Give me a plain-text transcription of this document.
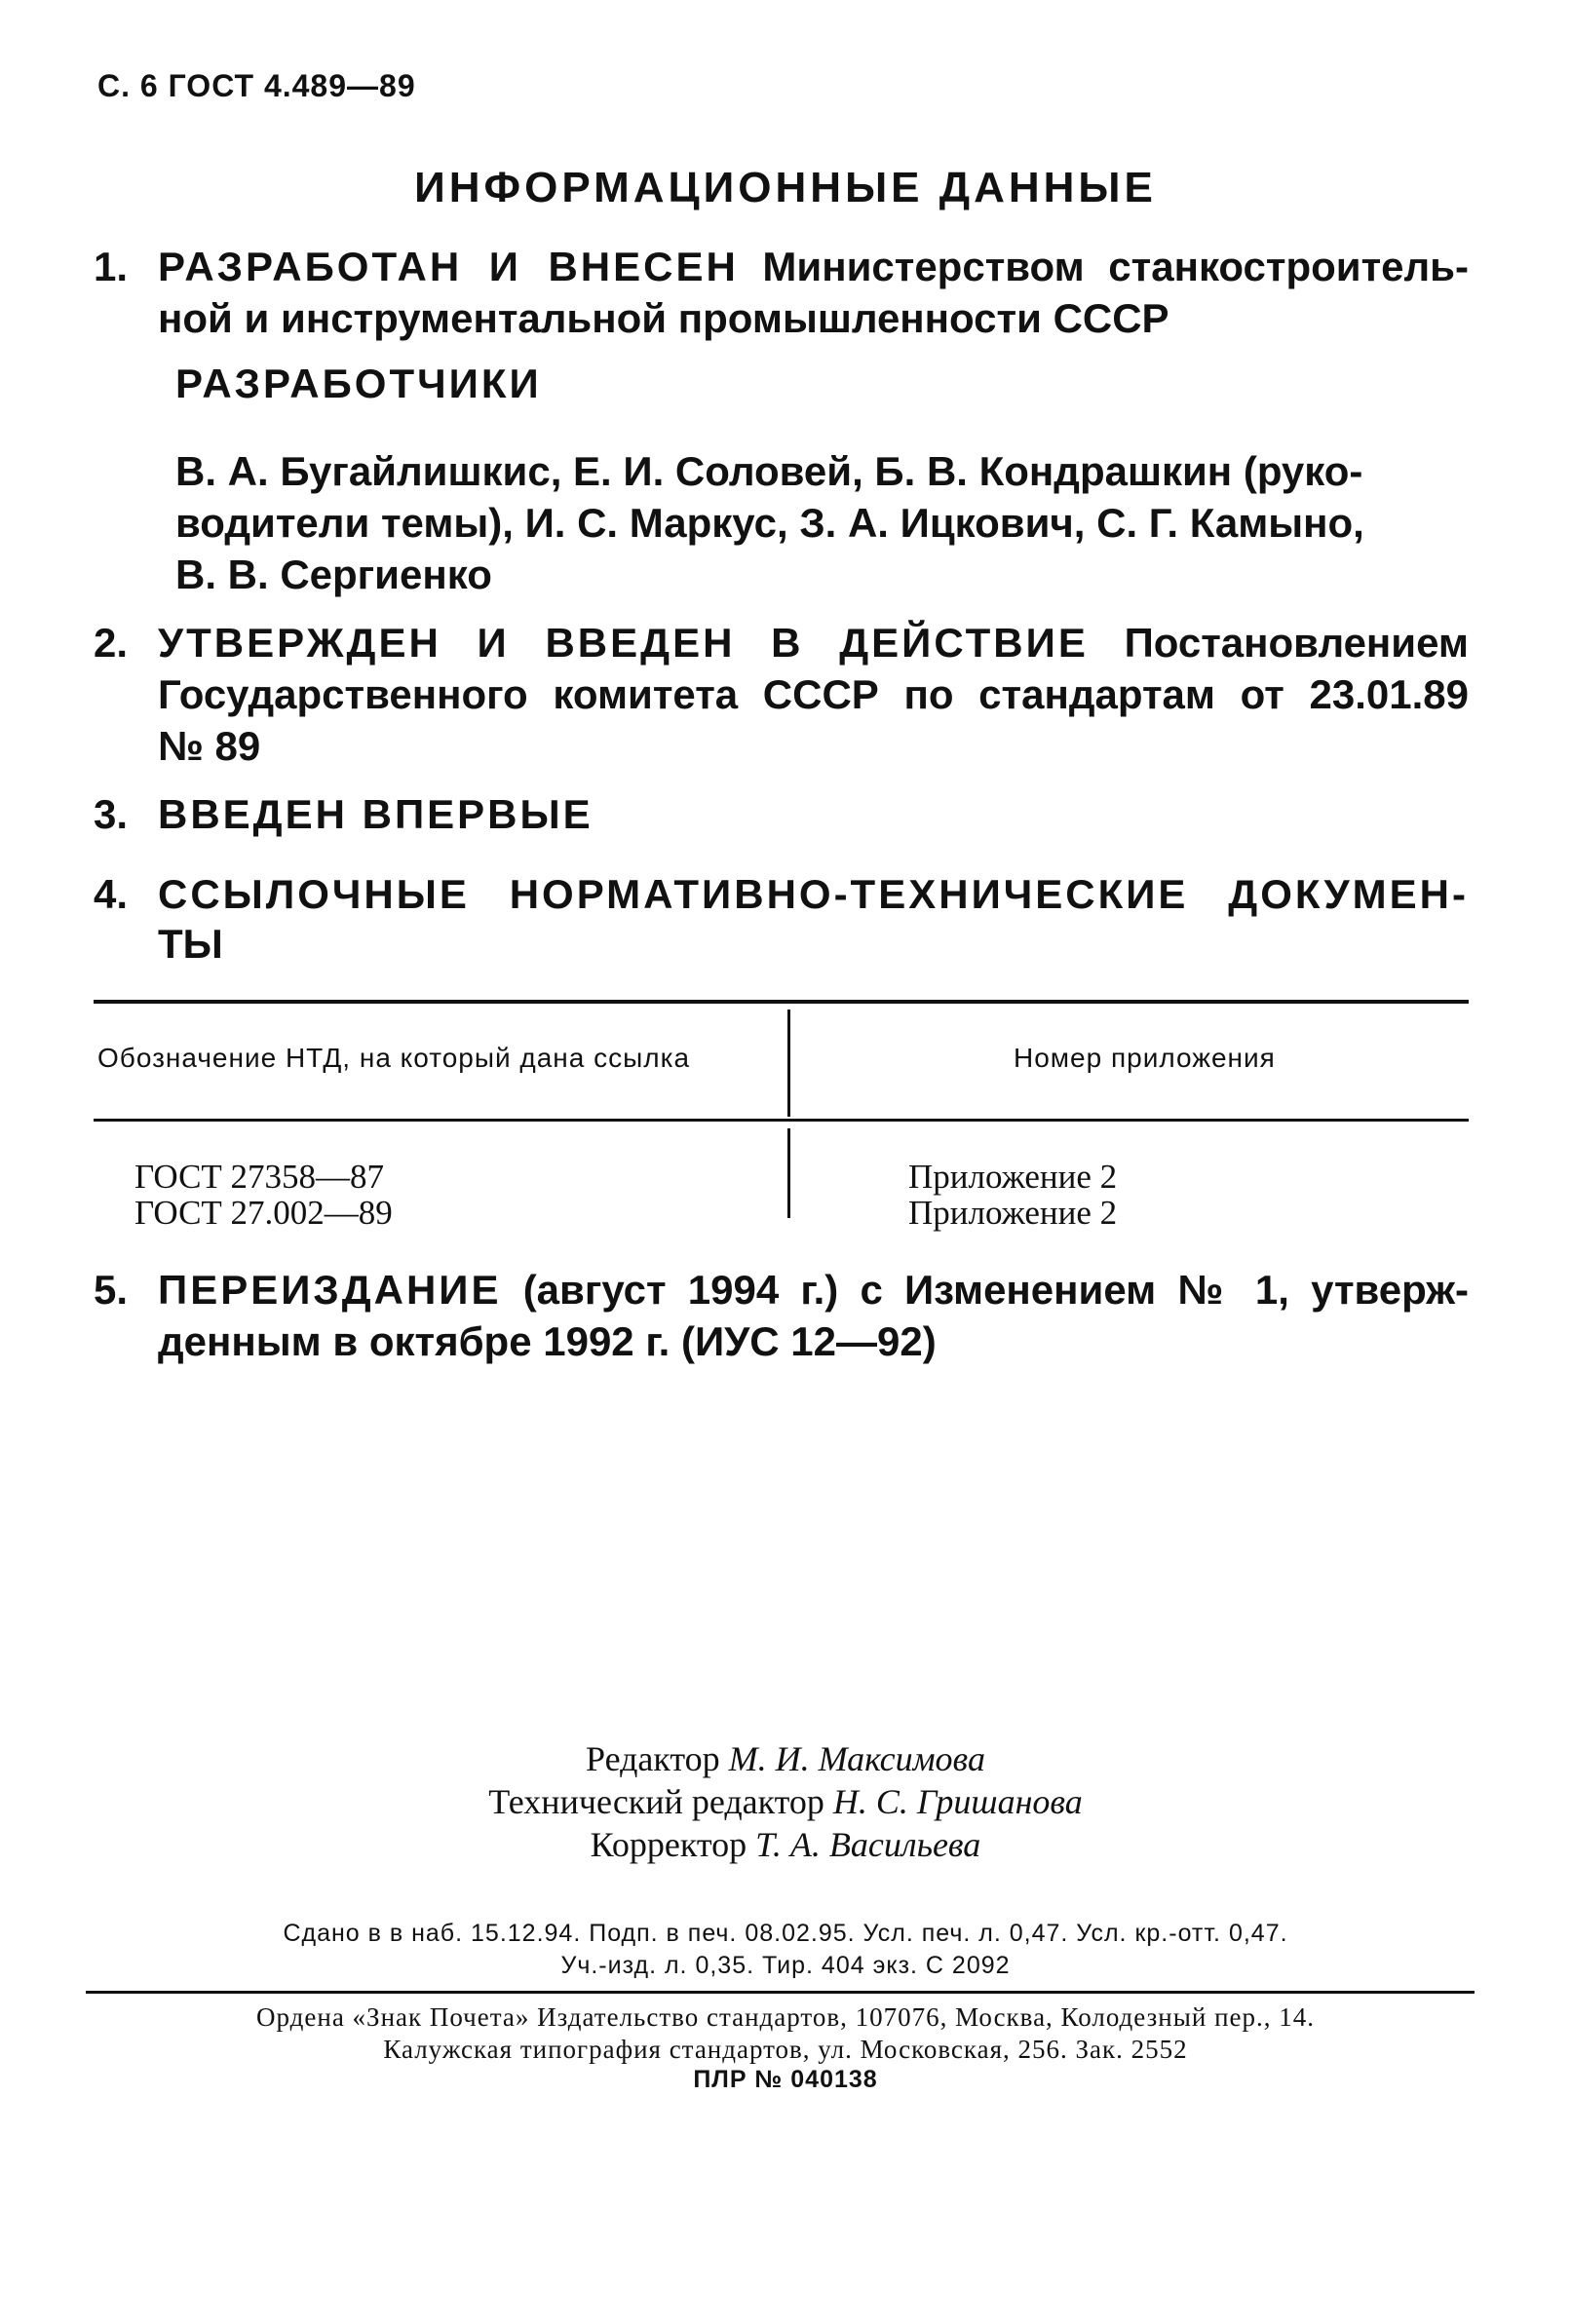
С. 6 ГОСТ 4.489—89
ИНФОРМАЦИОННЫЕ ДАННЫЕ
1. РАЗРАБОТАН И ВНЕСЕН Министерством станкостроитель-
ной и инструментальной промышленности СССР
РАЗРАБОТЧИКИ
В. А. Бугайлишкис, Е. И. Соловей, Б. В. Кондрашкин (руко-
водители темы), И. С. Маркус, З. А. Ицкович, С. Г. Камыно,
В. В. Сергиенко
2. УТВЕРЖДЕН И ВВЕДЕН В ДЕЙСТВИЕ Постановлением
Государственного комитета СССР по стандартам от 23.01.89
№ 89
3. ВВЕДЕН ВПЕРВЫЕ
4. ССЫЛОЧНЫЕ НОРМАТИВНО-ТЕХНИЧЕСКИЕ ДОКУМЕН-
ТЫ
Обозначение НТД, на который дана ссылка	Номер приложения
ГОСТ 27358—87	Приложение 2
ГОСТ 27.002—89	Приложение 2
5. ПЕРЕИЗДАНИЕ (август 1994 г.) с Изменением № 1, утверж-
денным в октябре 1992 г. (ИУС 12—92)
Редактор М. И. Максимова
Технический редактор Н. С. Гришанова
Корректор Т. А. Васильева
Сдано в в наб. 15.12.94. Подп. в печ. 08.02.95. Усл. печ. л. 0,47. Усл. кр.-отт. 0,47.
Уч.-изд. л. 0,35. Тир. 404 экз. С 2092
Ордена «Знак Почета» Издательство стандартов, 107076, Москва, Колодезный пер., 14.
Калужская типография стандартов, ул. Московская, 256. Зак. 2552
ПЛР № 040138
